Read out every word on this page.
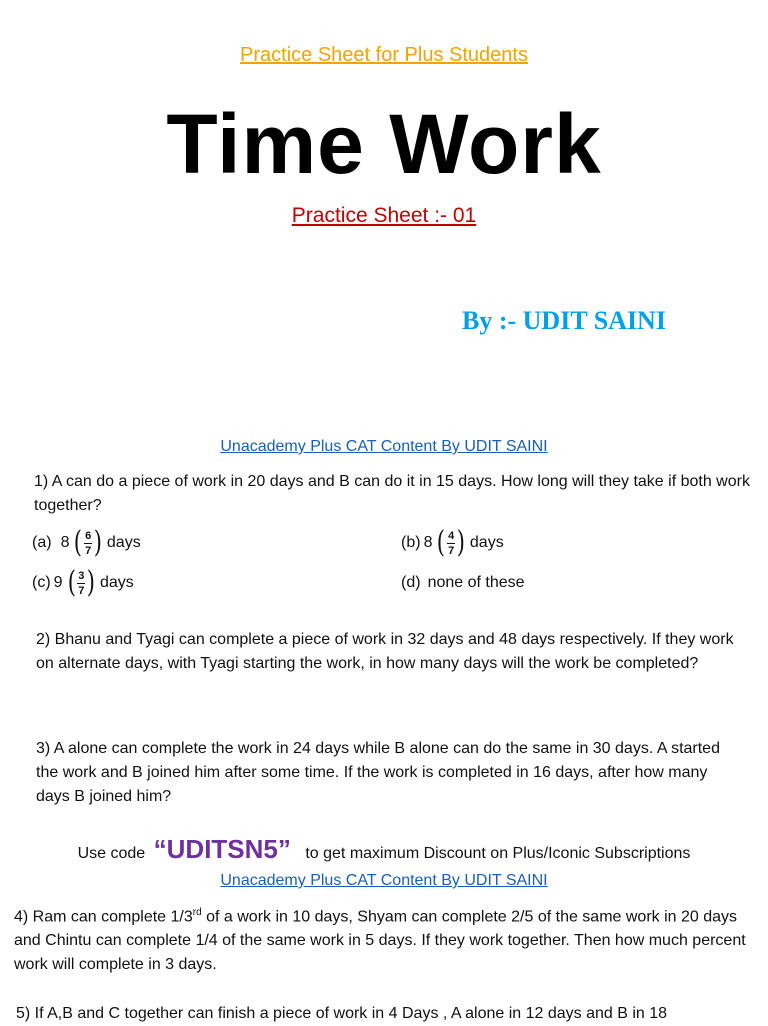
Practice Sheet for Plus Students
Time Work
Practice Sheet :- 01
By :- UDIT SAINI
Unacademy Plus CAT Content By UDIT SAINI
1) A can do a piece of work in 20 days and B can do it in 15 days. How long will they take if both work together?
(a) 8 ( $\frac{6}{7}$ ) days	(b) 8 ( $\frac{4}{7}$ ) days
(c) 9 ( $\frac{3}{7}$ ) days	(d) none of these
2) Bhanu and Tyagi can complete a piece of work in 32 days and 48 days respectively. If they work on alternate days, with Tyagi starting the work, in how many days will the work be completed?
3) A alone can complete the work in 24 days while B alone can do the same in 30 days. A started the work and B joined him after some time. If the work is completed in 16 days, after how many days B joined him?
Use code “UDITSN5” to get maximum Discount on Plus/Iconic Subscriptions
Unacademy Plus CAT Content By UDIT SAINI
4) Ram can complete 1/3rd of a work in 10 days, Shyam can complete 2/5 of the same work in 20 days and Chintu can complete 1/4 of the same work in 5 days. If they work together. Then how much percent work will complete in 3 days.
5) If A,B and C together can finish a piece of work in 4 Days , A alone in 12 days and B in 18
